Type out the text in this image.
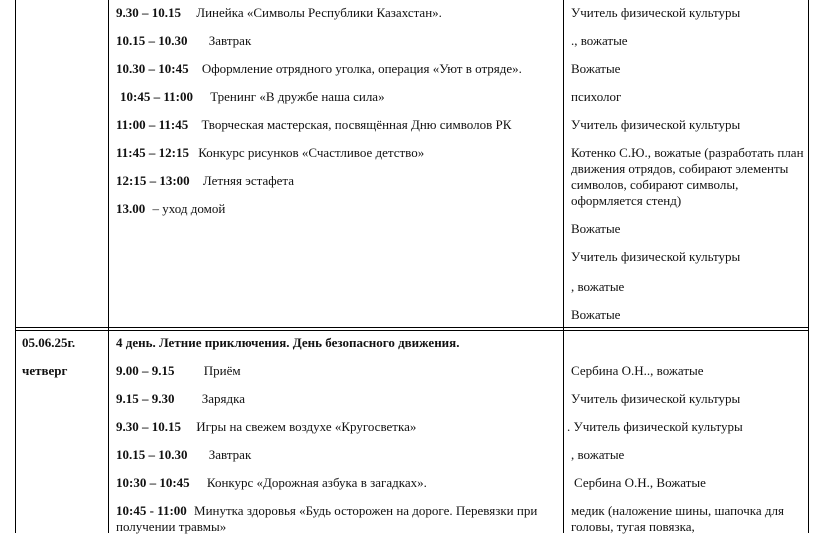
9.30 – 10.15 Линейка «Символы Республики Казахстан».
10.15 – 10.30 Завтрак
10.30 – 10:45 Оформление отрядного уголка, операция «Уют в отряде».
10:45 – 11:00 Тренинг «В дружбе наша сила»
11:00 – 11:45 Творческая мастерская, посвящённая Дню символов РК
11:45 – 12:15 Конкурс рисунков «Счастливое детство»
12:15 – 13:00 Летняя эстафета
13.00 – уход домой
Учитель физической культуры
., вожатые
Вожатые
психолог
Учитель физической культуры
Котенко С.Ю., вожатые (разработать план движения отрядов, собирают элементы символов, собирают символы, оформляется стенд)
Вожатые
Учитель физической культуры
, вожатые
Вожатые
05.06.25г.
четверг
4 день. Летние приключения. День безопасного движения.
9.00 – 9.15 Приём
9.15 – 9.30 Зарядка
9.30 – 10.15 Игры на свежем воздухе «Кругосветка»
10.15 – 10.30 Завтрак
10:30 – 10:45 Конкурс «Дорожная азбука в загадках».
10:45 - 11:00 Минутка здоровья «Будь осторожен на дороге. Перевязки при получении травмы»
Сербина О.Н.., вожатые
Учитель физической культуры
. Учитель физической культуры
, вожатые
Сербина О.Н., Вожатые
медик (наложение шины, шапочка для головы, тугая повязка,
